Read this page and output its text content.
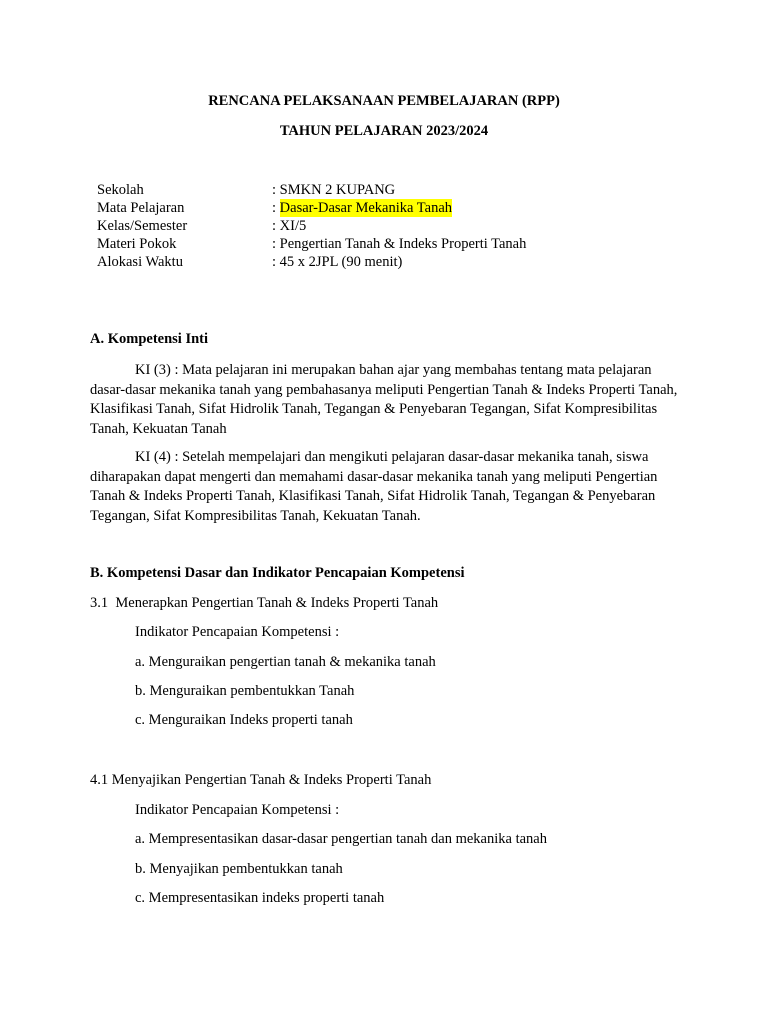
RENCANA PELAKSANAAN PEMBELAJARAN (RPP)
TAHUN PELAJARAN 2023/2024
Sekolah	: SMKN 2 KUPANG
Mata Pelajaran	: Dasar-Dasar Mekanika Tanah
Kelas/Semester	: XI/5
Materi Pokok	: Pengertian Tanah & Indeks Properti Tanah
Alokasi Waktu	: 45 x 2JPL (90 menit)
A. Kompetensi Inti
KI (3) : Mata pelajaran ini merupakan bahan ajar yang membahas tentang mata pelajaran dasar-dasar mekanika tanah yang pembahasanya meliputi Pengertian Tanah & Indeks Properti Tanah, Klasifikasi Tanah, Sifat Hidrolik Tanah, Tegangan & Penyebaran Tegangan, Sifat Kompresibilitas Tanah, Kekuatan Tanah
KI (4) : Setelah mempelajari dan mengikuti pelajaran dasar-dasar mekanika tanah, siswa diharapakan dapat mengerti dan memahami dasar-dasar mekanika tanah yang meliputi Pengertian Tanah & Indeks Properti Tanah, Klasifikasi Tanah, Sifat Hidrolik Tanah, Tegangan & Penyebaran Tegangan, Sifat Kompresibilitas Tanah, Kekuatan Tanah.
B. Kompetensi Dasar dan Indikator Pencapaian Kompetensi
3.1  Menerapkan Pengertian Tanah & Indeks Properti Tanah
Indikator Pencapaian Kompetensi :
a. Menguraikan pengertian tanah & mekanika tanah
b. Menguraikan pembentukkan Tanah
c. Menguraikan Indeks properti tanah
4.1 Menyajikan Pengertian Tanah & Indeks Properti Tanah
Indikator Pencapaian Kompetensi :
a. Mempresentasikan dasar-dasar pengertian tanah dan mekanika tanah
b. Menyajikan pembentukkan tanah
c. Mempresentasikan indeks properti tanah
